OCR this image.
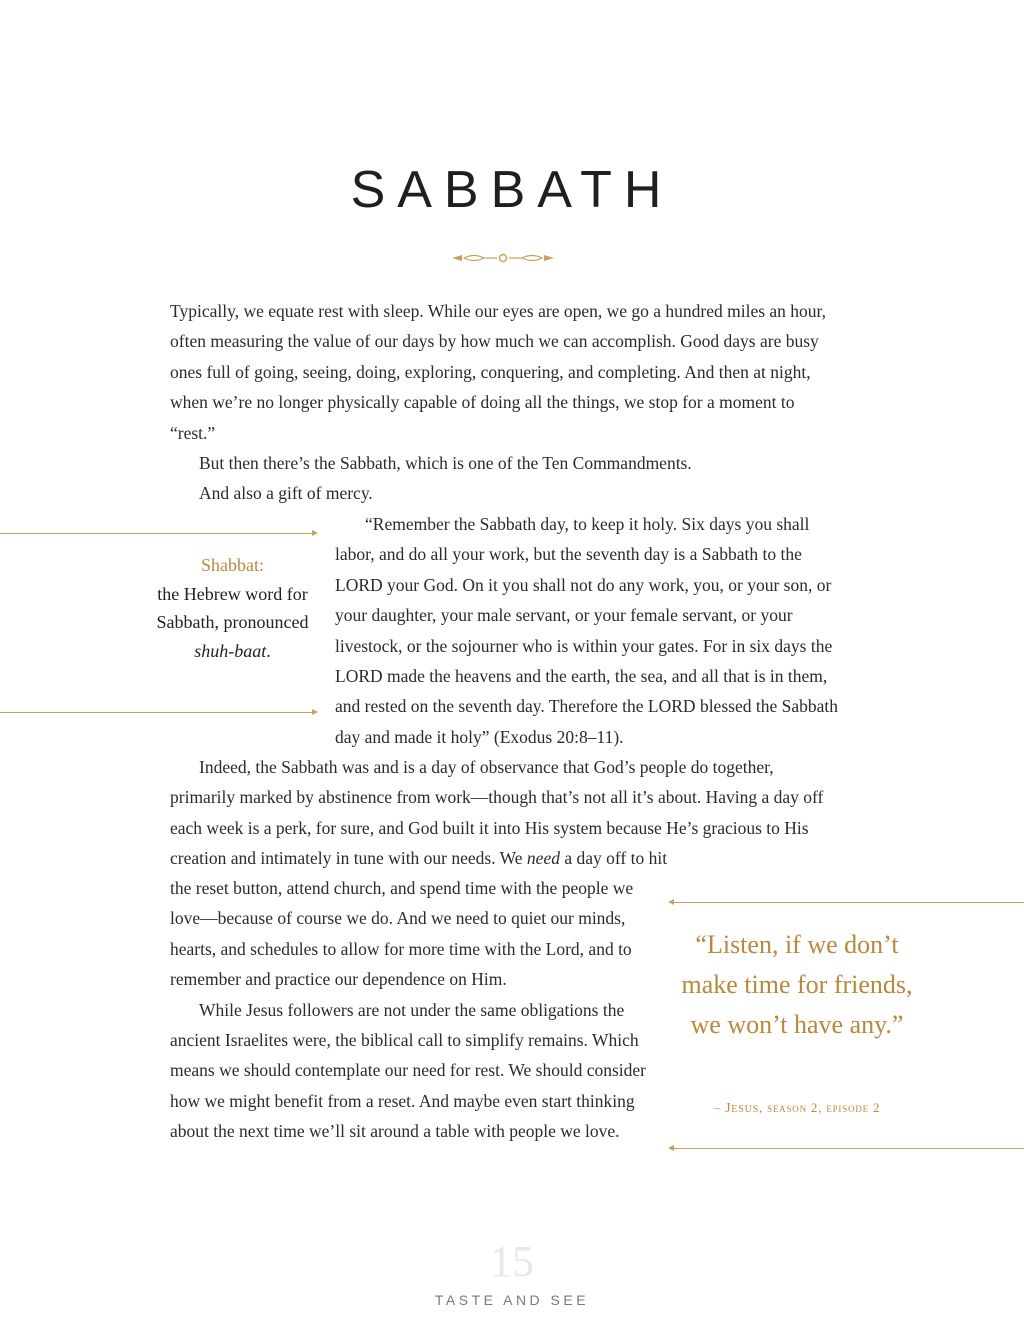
SABBATH

Typically, we equate rest with sleep. While our eyes are open, we go a hundred miles an hour, often measuring the value of our days by how much we can accomplish. Good days are busy ones full of going, seeing, doing, exploring, conquering, and completing. And then at night, when we’re no longer physically capable of doing all the things, we stop for a moment to “rest.”

But then there’s the Sabbath, which is one of the Ten Commandments.

And also a gift of mercy.

Shabbat:
the Hebrew word for Sabbath, pronounced
shuh-baat.

“Remember the Sabbath day, to keep it holy. Six days you shall labor, and do all your work, but the seventh day is a Sabbath to the LORD your God. On it you shall not do any work, you, or your son, or your daughter, your male servant, or your female servant, or your livestock, or the sojourner who is within your gates. For in six days the LORD made the heavens and the earth, the sea, and all that is in them, and rested on the seventh day. Therefore the LORD blessed the Sabbath day and made it holy” (Exodus 20:8–11).

Indeed, the Sabbath was and is a day of observance that God’s people do together, primarily marked by abstinence from work—though that’s not all it’s about. Having a day off each week is a perk, for sure, and God built it into His system because He’s gracious to His creation and intimately in tune with our needs. We need a day off to hit

the reset button, attend church, and spend time with the people we love—because of course we do. And we need to quiet our minds, hearts, and schedules to allow for more time with the Lord, and to remember and practice our dependence on Him.

While Jesus followers are not under the same obligations the ancient Israelites were, the biblical call to simplify remains. Which means we should contemplate our need for rest. We should consider how we might benefit from a reset. And maybe even start thinking about the next time we’ll sit around a table with people we love.

“Listen, if we don’t make time for friends, we won’t have any.”
– Jesus, season 2, episode 2
15
TASTE AND SEE
